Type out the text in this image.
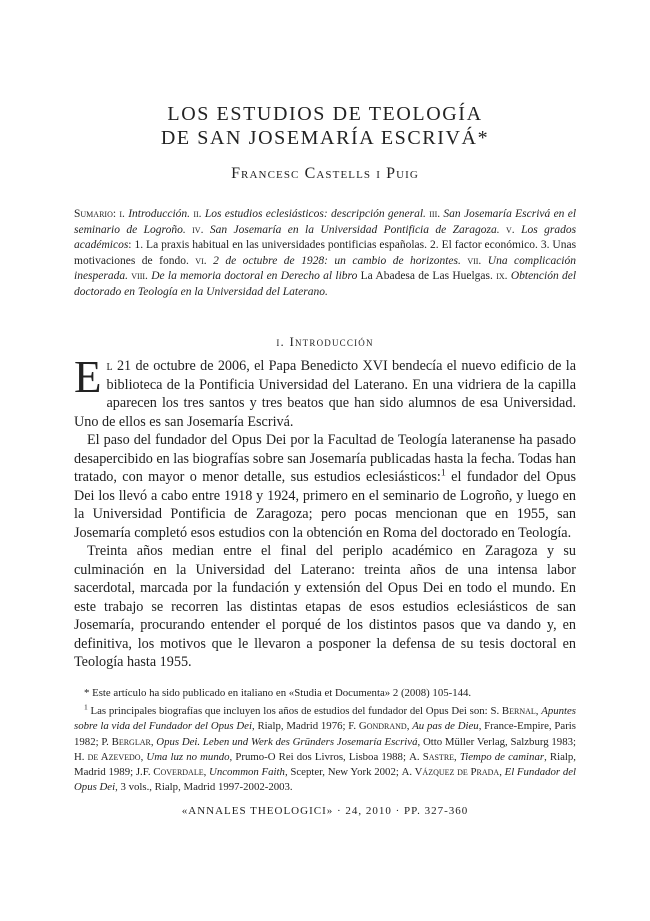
LOS ESTUDIOS DE TEOLOGÍA
DE SAN JOSEMARÍA ESCRIVÁ*
Francesc Castells i Puig
Sumario: i. Introducción. ii. Los estudios eclesiásticos: descripción general. iii. San Josemaría Escrivá en el seminario de Logroño. iv. San Josemaría en la Universidad Pontificia de Zaragoza. v. Los grados académicos: 1. La praxis habitual en las universidades pontificias españolas. 2. El factor económico. 3. Unas motivaciones de fondo. vi. 2 de octubre de 1928: un cambio de horizontes. vii. Una complicación inesperada. viii. De la memoria doctoral en Derecho al libro La Abadesa de Las Huelgas. ix. Obtención del doctorado en Teología en la Universidad del Laterano.
i. Introducción

El 21 de octubre de 2006, el Papa Benedicto XVI bendecía el nuevo edificio de la biblioteca de la Pontificia Universidad del Laterano. En una vidriera de la capilla aparecen los tres santos y tres beatos que han sido alumnos de esa Universidad. Uno de ellos es san Josemaría Escrivá.

El paso del fundador del Opus Dei por la Facultad de Teología lateranense ha pasado desapercibido en las biografías sobre san Josemaría publicadas hasta la fecha. Todas han tratado, con mayor o menor detalle, sus estudios eclesiásticos:$^1$ el fundador del Opus Dei los llevó a cabo entre 1918 y 1924, primero en el seminario de Logroño, y luego en la Universidad Pontificia de Zaragoza; pero pocas mencionan que en 1955, san Josemaría completó esos estudios con la obtención en Roma del doctorado en Teología.

Treinta años median entre el final del periplo académico en Zaragoza y su culminación en la Universidad del Laterano: treinta años de una intensa labor sacerdotal, marcada por la fundación y extensión del Opus Dei en todo el mundo. En este trabajo se recorren las distintas etapas de esos estudios eclesiásticos de san Josemaría, procurando entender el porqué de los distintos pasos que va dando y, en definitiva, los motivos que le llevaron a posponer la defensa de su tesis doctoral en Teología hasta 1955.

* Este artículo ha sido publicado en italiano en «Studia et Documenta» 2 (2008) 105-144.

$^1$ Las principales biografías que incluyen los años de estudios del fundador del Opus Dei son: S. Bernal, Apuntes sobre la vida del Fundador del Opus Dei, Rialp, Madrid 1976; F. Gondrand, Au pas de Dieu, France-Empire, Paris 1982; P. Berglar, Opus Dei. Leben und Werk des Gründers Josemaría Escrivá, Otto Müller Verlag, Salzburg 1983; H. de Azevedo, Uma luz no mundo, Prumo-O Rei dos Livros, Lisboa 1988; A. Sastre, Tiempo de caminar, Rialp, Madrid 1989; J.F. Coverdale, Uncommon Faith, Scepter, New York 2002; A. Vázquez de Prada, El Fundador del Opus Dei, 3 vols., Rialp, Madrid 1997-2002-2003.

«ANNALES THEOLOGICI» · 24, 2010 · PP. 327-360
